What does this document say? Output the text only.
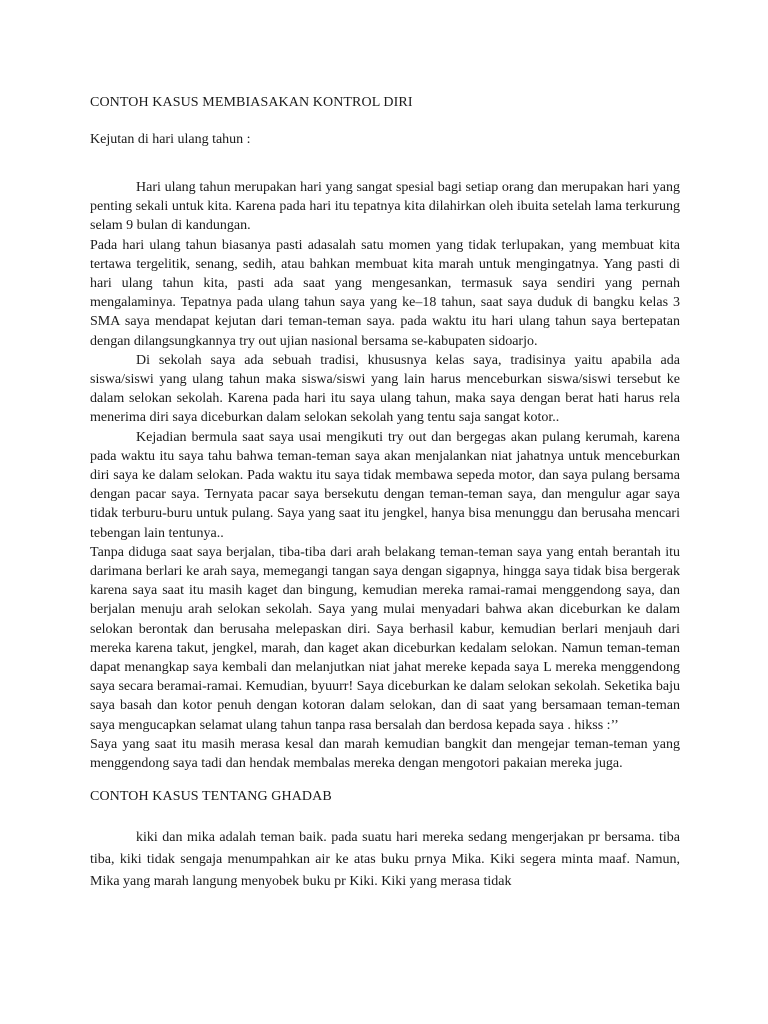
CONTOH KASUS MEMBIASAKAN KONTROL DIRI

Kejutan di hari ulang tahun :

Hari ulang tahun merupakan hari yang sangat spesial bagi setiap orang dan merupakan hari yang penting sekali untuk kita. Karena pada hari itu tepatnya kita dilahirkan oleh ibuita setelah lama terkurung selam 9 bulan di kandungan.

Pada hari ulang tahun biasanya pasti adasalah satu momen yang tidak terlupakan, yang membuat kita tertawa tergelitik, senang, sedih, atau bahkan membuat kita marah untuk mengingatnya. Yang pasti di hari ulang tahun kita, pasti ada saat yang mengesankan, termasuk saya sendiri yang pernah mengalaminya. Tepatnya pada ulang tahun saya yang ke–18 tahun, saat saya duduk di bangku kelas 3 SMA saya mendapat kejutan dari teman-teman saya. pada waktu itu hari ulang tahun saya bertepatan dengan dilangsungkannya try out ujian nasional bersama se-kabupaten sidoarjo.

Di sekolah saya ada sebuah tradisi, khususnya kelas saya, tradisinya yaitu apabila ada siswa/siswi yang ulang tahun maka siswa/siswi yang lain harus menceburkan siswa/siswi tersebut ke dalam selokan sekolah. Karena pada hari itu saya ulang tahun, maka saya dengan berat hati harus rela menerima diri saya diceburkan dalam selokan sekolah yang tentu saja sangat kotor..

Kejadian bermula saat saya usai mengikuti try out dan bergegas akan pulang kerumah, karena pada waktu itu saya tahu bahwa teman-teman saya akan menjalankan niat jahatnya untuk menceburkan diri saya ke dalam selokan. Pada waktu itu saya tidak membawa sepeda motor, dan saya pulang bersama dengan pacar saya. Ternyata pacar saya bersekutu dengan teman-teman saya, dan mengulur agar saya tidak terburu-buru untuk pulang. Saya yang saat itu jengkel, hanya bisa menunggu dan berusaha mencari tebengan lain tentunya..

Tanpa diduga saat saya berjalan, tiba-tiba dari arah belakang teman-teman saya yang entah berantah itu darimana berlari ke arah saya, memegangi tangan saya dengan sigapnya, hingga saya tidak bisa bergerak karena saya saat itu masih kaget dan bingung, kemudian mereka ramai-ramai menggendong saya, dan berjalan menuju arah selokan sekolah. Saya yang mulai menyadari bahwa akan diceburkan ke dalam selokan berontak dan berusaha melepaskan diri. Saya berhasil kabur, kemudian berlari menjauh dari mereka karena takut, jengkel, marah, dan kaget akan diceburkan kedalam selokan. Namun teman-teman dapat menangkap saya kembali dan melanjutkan niat jahat mereke kepada saya L mereka menggendong saya secara beramai-ramai. Kemudian, byuurr! Saya diceburkan ke dalam selokan sekolah. Seketika baju saya basah dan kotor penuh dengan kotoran dalam selokan, dan di saat yang bersamaan teman-teman saya mengucapkan selamat ulang tahun tanpa rasa bersalah dan berdosa kepada saya . hikss :’’

Saya yang saat itu masih merasa kesal dan marah kemudian bangkit dan mengejar teman-teman yang menggendong saya tadi dan hendak membalas mereka dengan mengotori pakaian mereka juga.

CONTOH KASUS TENTANG GHADAB

kiki dan mika adalah teman baik. pada suatu hari mereka sedang mengerjakan pr bersama. tiba tiba, kiki tidak sengaja menumpahkan air ke atas buku prnya Mika. Kiki segera minta maaf. Namun, Mika yang marah langung menyobek buku pr Kiki. Kiki yang merasa tidak
